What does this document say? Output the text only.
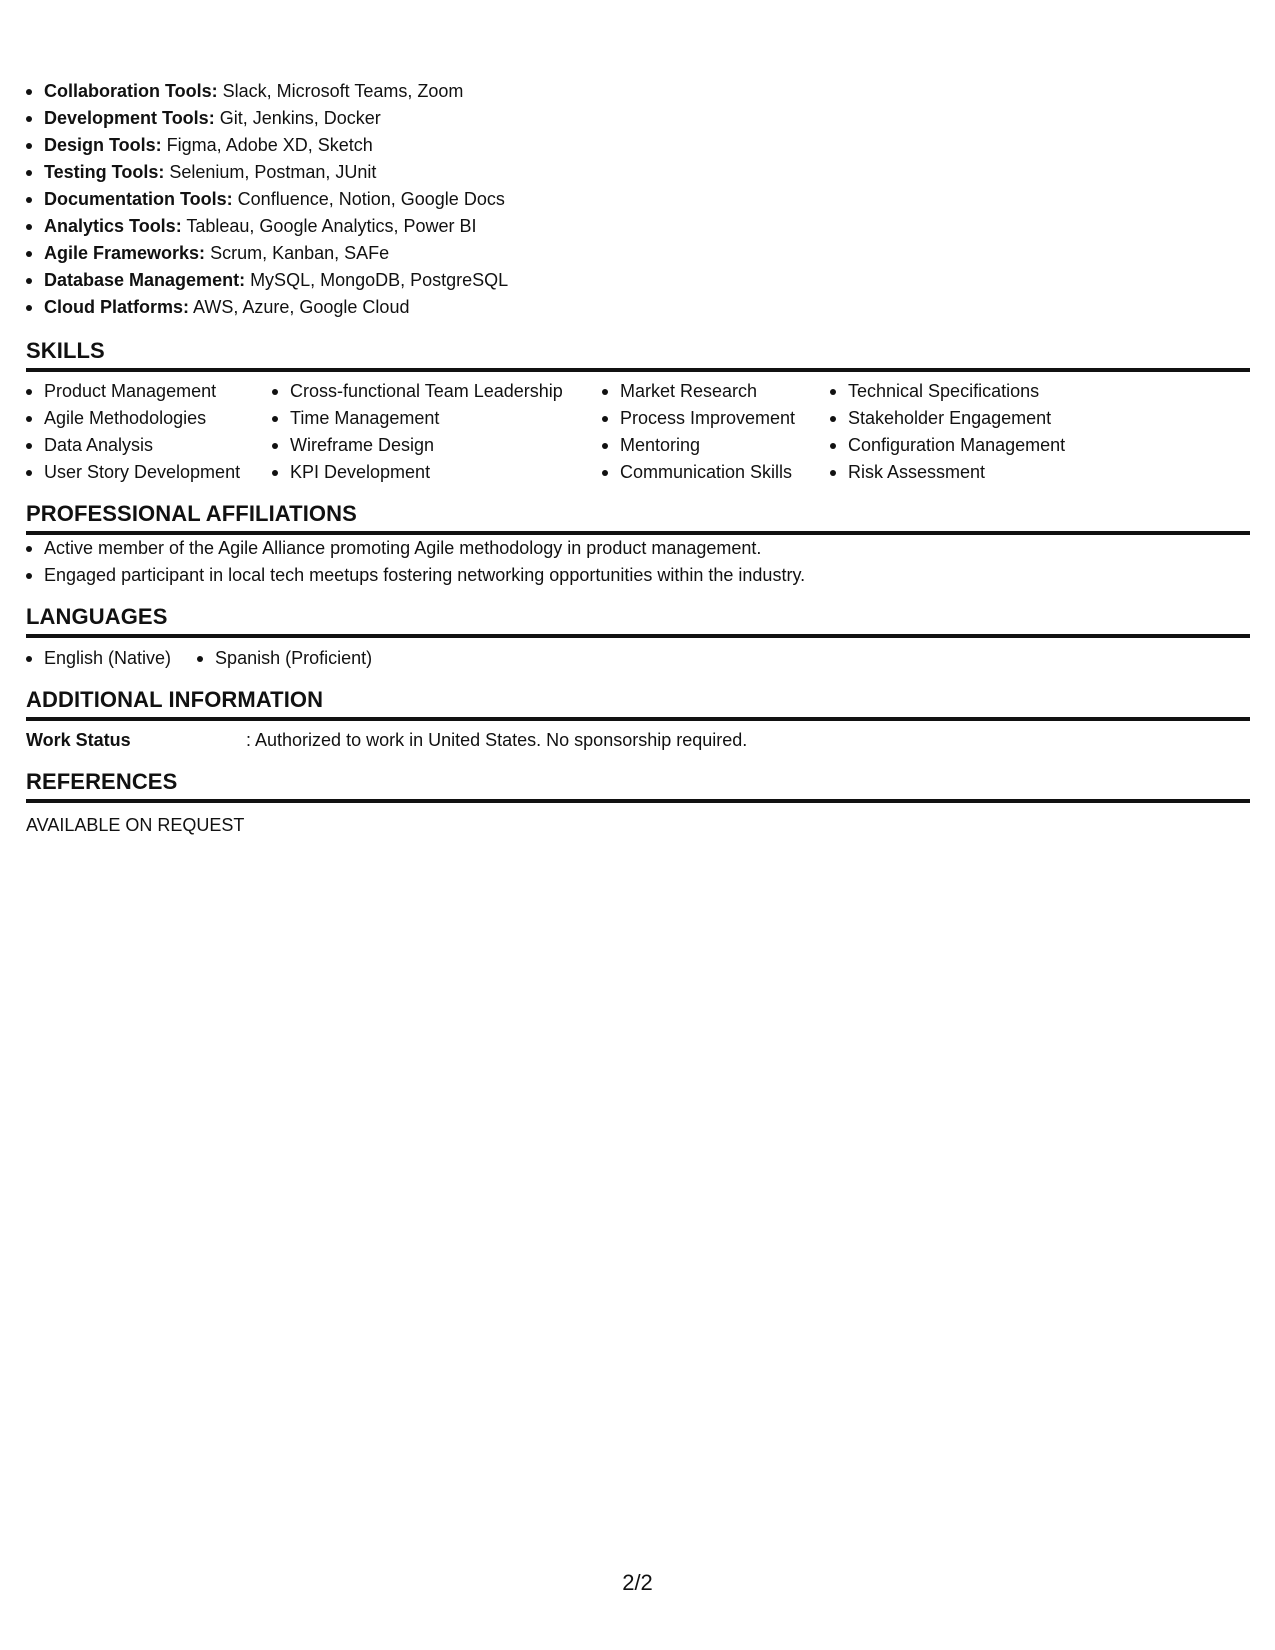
Collaboration Tools: Slack, Microsoft Teams, Zoom
Development Tools: Git, Jenkins, Docker
Design Tools: Figma, Adobe XD, Sketch
Testing Tools: Selenium, Postman, JUnit
Documentation Tools: Confluence, Notion, Google Docs
Analytics Tools: Tableau, Google Analytics, Power BI
Agile Frameworks: Scrum, Kanban, SAFe
Database Management: MySQL, MongoDB, PostgreSQL
Cloud Platforms: AWS, Azure, Google Cloud
SKILLS
Product Management
Agile Methodologies
Data Analysis
User Story Development
Cross-functional Team Leadership
Time Management
Wireframe Design
KPI Development
Market Research
Process Improvement
Mentoring
Communication Skills
Technical Specifications
Stakeholder Engagement
Configuration Management
Risk Assessment
PROFESSIONAL AFFILIATIONS
Active member of the Agile Alliance promoting Agile methodology in product management.
Engaged participant in local tech meetups fostering networking opportunities within the industry.
LANGUAGES
English (Native)	Spanish (Proficient)
ADDITIONAL INFORMATION
Work Status	: Authorized to work in United States. No sponsorship required.
REFERENCES
AVAILABLE ON REQUEST
2/2
